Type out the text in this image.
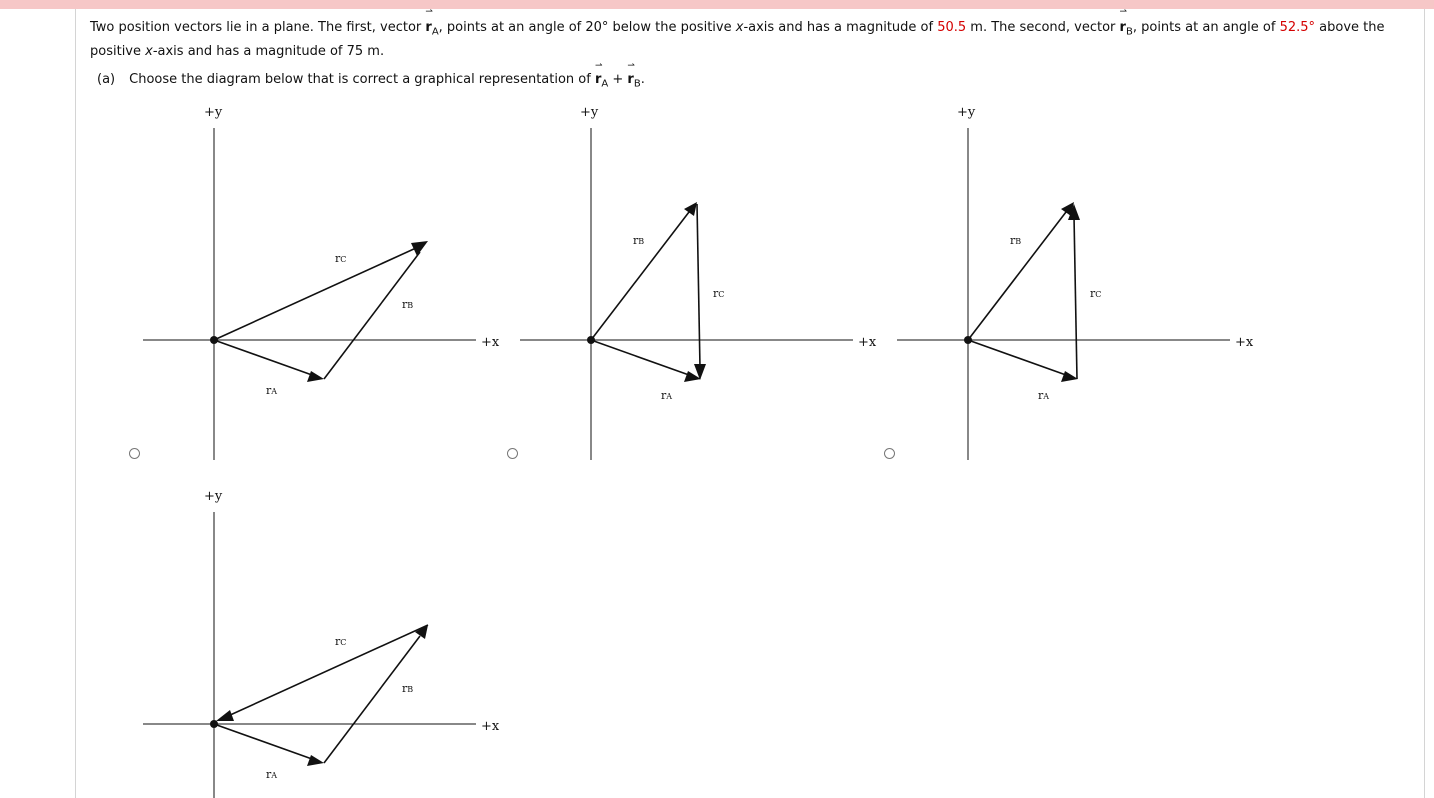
Two position vectors lie in a plane. The first, vector
⇀
$r_A$, points at an angle of 20° below the positive x-axis and has a magnitude of 50.5 m. The second, vector
⇀
$r_B$, points at an angle of 52.5° above the positive x-axis and has a magnitude of 75 m.
(a) Choose the diagram below that is correct a graphical representation of
⇀
$r_A$ +
⇀
$r_B$.
+y
+x
rC
rB
rA
+y
+x
rB
rC
rA
+y
+x
rB
rC
rA
+y
+x
rC
rB
rA
